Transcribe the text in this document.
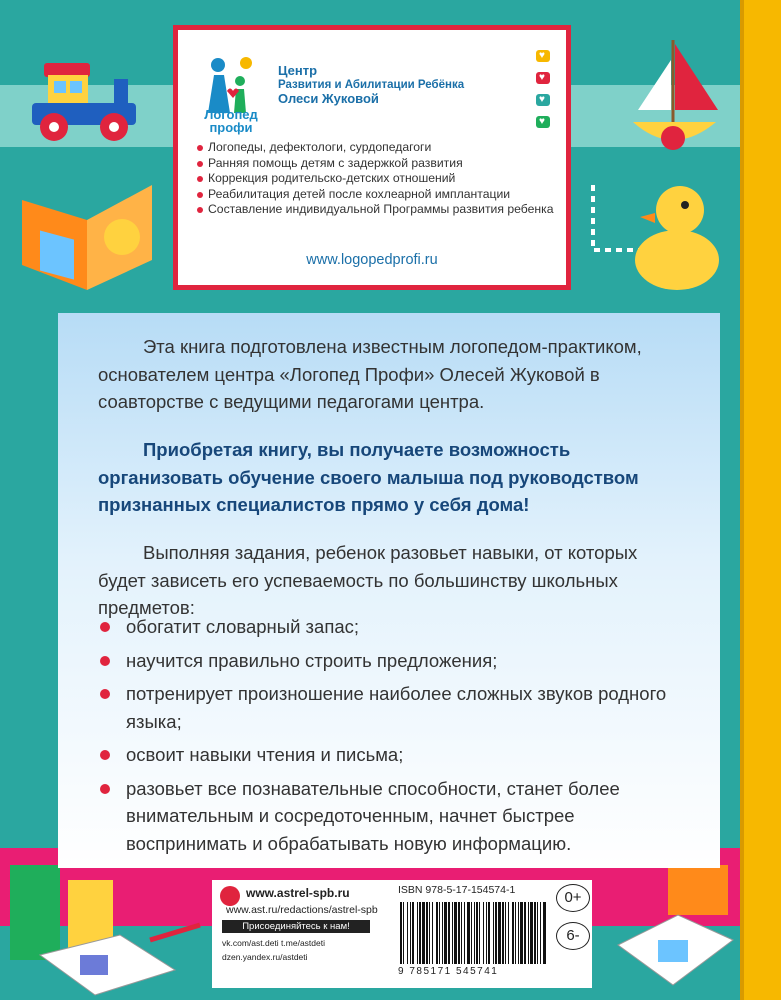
Логопед
профи
Центр
Развития и Абилитации Ребёнка
Олеси Жуковой
♥
♥
♥
♥
Логопеды, дефектологи, сурдопедагоги
Ранняя помощь детям с задержкой развития
Коррекция родительско-детских отношений
Реабилитация детей после кохлеарной имплантации
Составление индивидуальной Программы развития ребенка
www.logopedprofi.ru

Эта книга подготовлена известным логопедом-практиком, основателем центра «Логопед Профи» Олесей Жуковой в соавторстве с ведущими педагогами центра.

Приобретая книгу, вы получаете возможность организовать обучение своего малыша под руководством признанных специалистов прямо у себя дома!

Выполняя задания, ребенок разовьет навыки, от которых будет зависеть его успеваемость по большинству школьных предметов:

обогатит словарный запас;
научится правильно строить предложения;
потренирует произношение наиболее сложных звуков родного языка;
освоит навыки чтения и письма;
разовьет все познавательные способности, станет более внимательным и сосредоточенным, начнет быстрее воспринимать и обрабатывать новую информацию.
www.astrel-spb.ru
www.ast.ru/redactions/astrel-spb
Присоединяйтесь к нам!
vk.com/ast.deti t.me/astdeti
dzen.yandex.ru/astdeti
ISBN 978-5-17-154574-1
9 785171 545741
0+
6-
